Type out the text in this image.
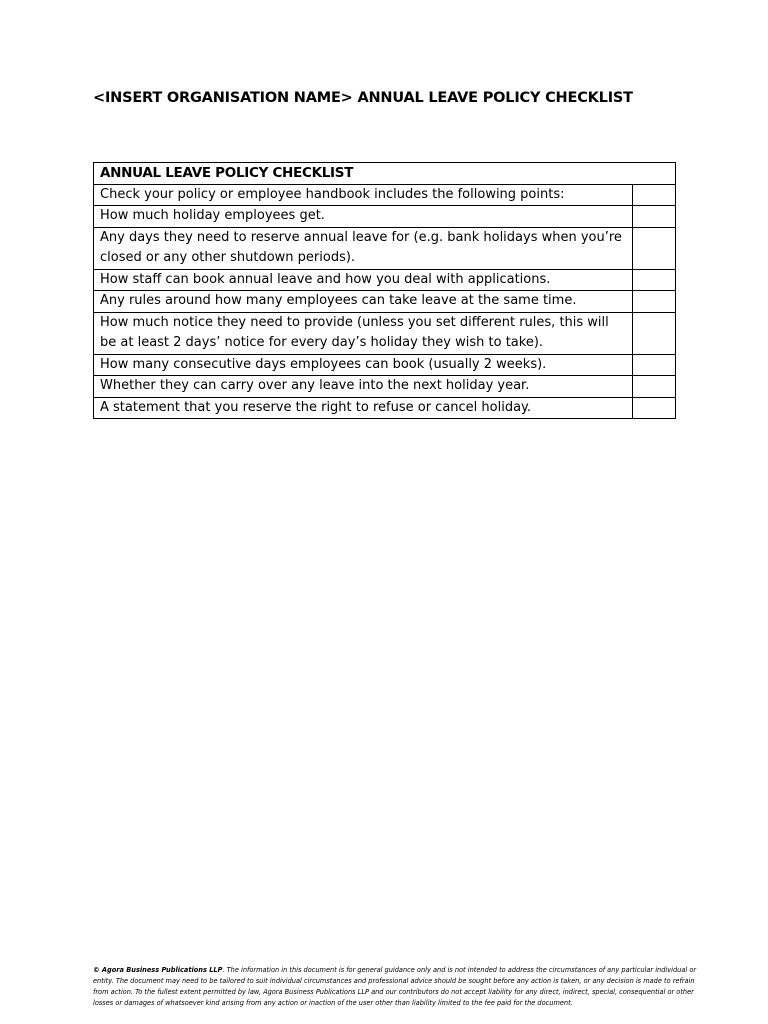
<INSERT ORGANISATION NAME> ANNUAL LEAVE POLICY CHECKLIST
ANNUAL LEAVE POLICY CHECKLIST	
Check your policy or employee handbook includes the following points:	
How much holiday employees get.	
Any days they need to reserve annual leave for (e.g. bank holidays when you’re closed or any other shutdown periods).	
How staff can book annual leave and how you deal with applications.	
Any rules around how many employees can take leave at the same time.	
How much notice they need to provide (unless you set different rules, this will be at least 2 days’ notice for every day’s holiday they wish to take).	
How many consecutive days employees can book (usually 2 weeks).	
Whether they can carry over any leave into the next holiday year.	
A statement that you reserve the right to refuse or cancel holiday.	

© Agora Business Publications LLP. The information in this document is for general guidance only and is not intended to address the circumstances of any particular individual or entity. The document may need to be tailored to suit individual circumstances and professional advice should be sought before any action is taken, or any decision is made to refrain from action. To the fullest extent permitted by law, Agora Business Publications LLP and our contributors do not accept liability for any direct, indirect, special, consequential or other losses or damages of whatsoever kind arising from any action or inaction of the user other than liability limited to the fee paid for the document.
